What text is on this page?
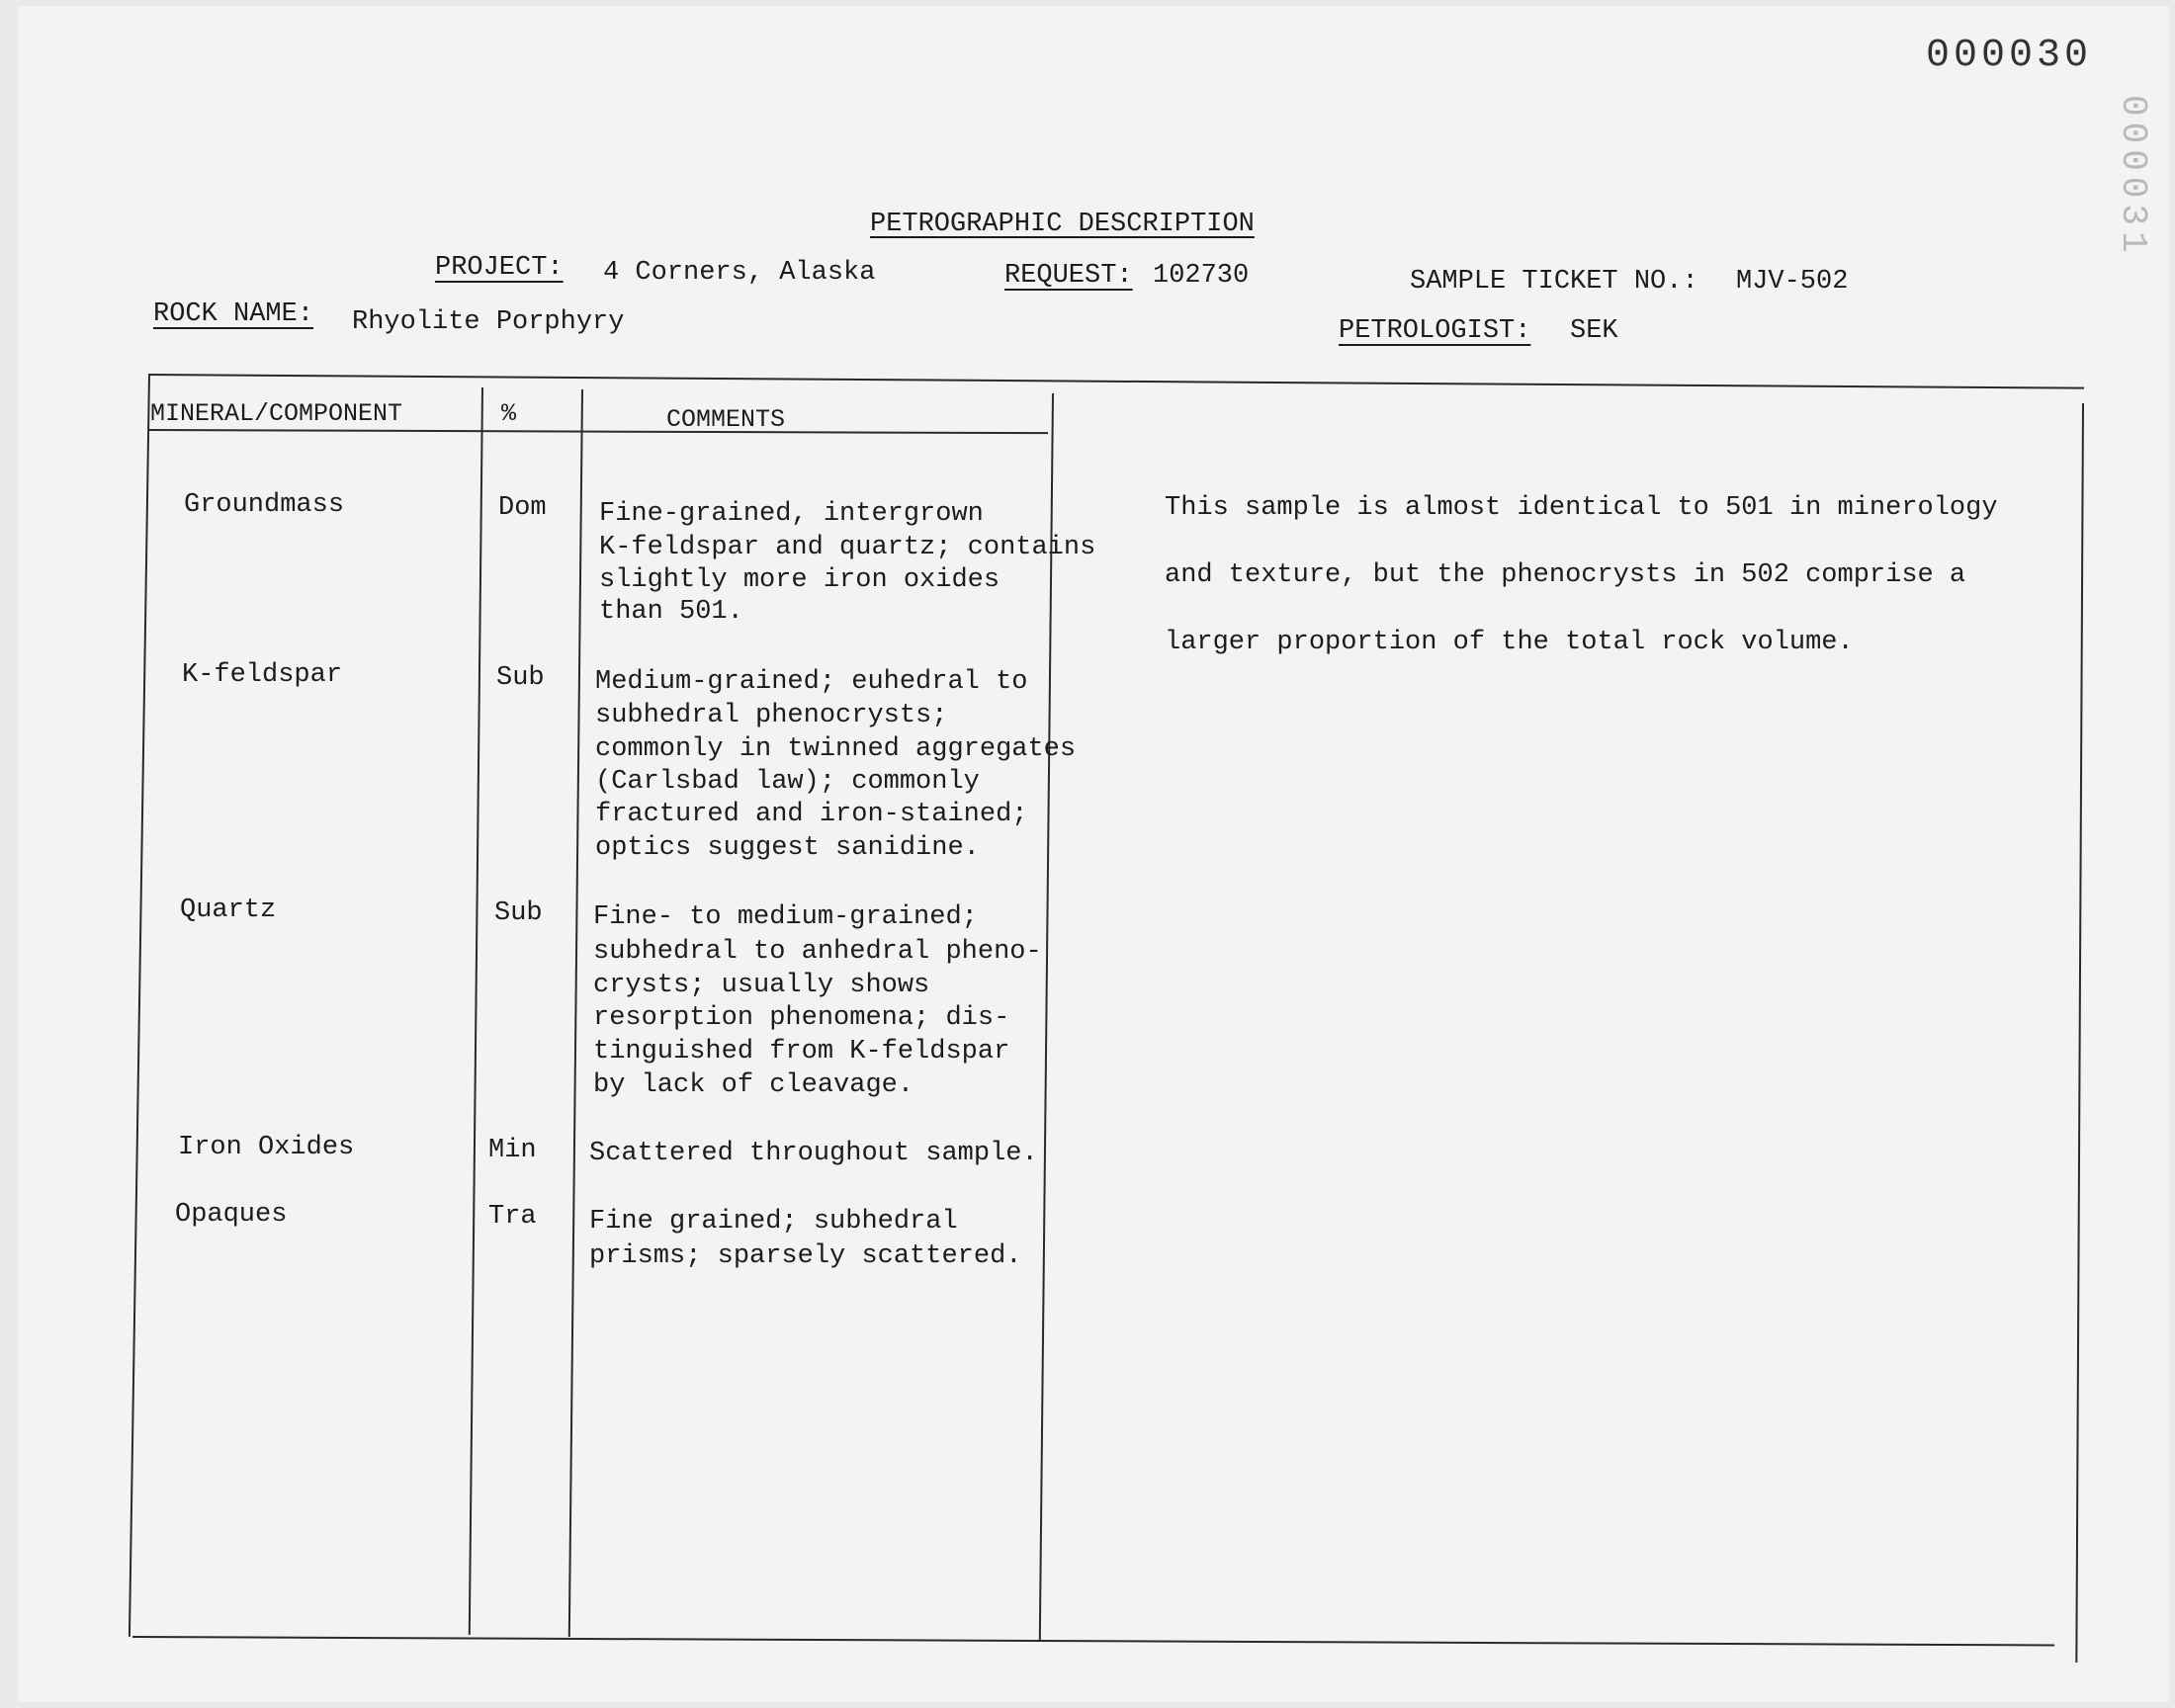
000030
000031
PETROGRAPHIC DESCRIPTION
PROJECT: 4 Corners, Alaska	REQUEST: 102730	SAMPLE TICKET NO.: MJV-502
ROCK NAME: Rhyolite Porphyry	PETROLOGIST: SEK
MINERAL/COMPONENT	%	COMMENTS
Groundmass	Dom Fine-grained, intergrown
K-feldspar and quartz; contains
slightly more iron oxides
than 501.
K-feldspar	Sub Medium-grained; euhedral to
subhedral phenocrysts;
commonly in twinned aggregates
(Carlsbad law); commonly
fractured and iron-stained;
optics suggest sanidine.
Quartz	Sub Fine- to medium-grained;
subhedral to anhedral pheno-
crysts; usually shows
resorption phenomena; dis-
tinguished from K-feldspar
by lack of cleavage.
Iron Oxides	Min Scattered throughout sample.
Opaques	Tra Fine grained; subhedral
prisms; sparsely scattered.
This sample is almost identical to 501 in minerology and texture, but the phenocrysts in 502 comprise a larger proportion of the total rock volume.
